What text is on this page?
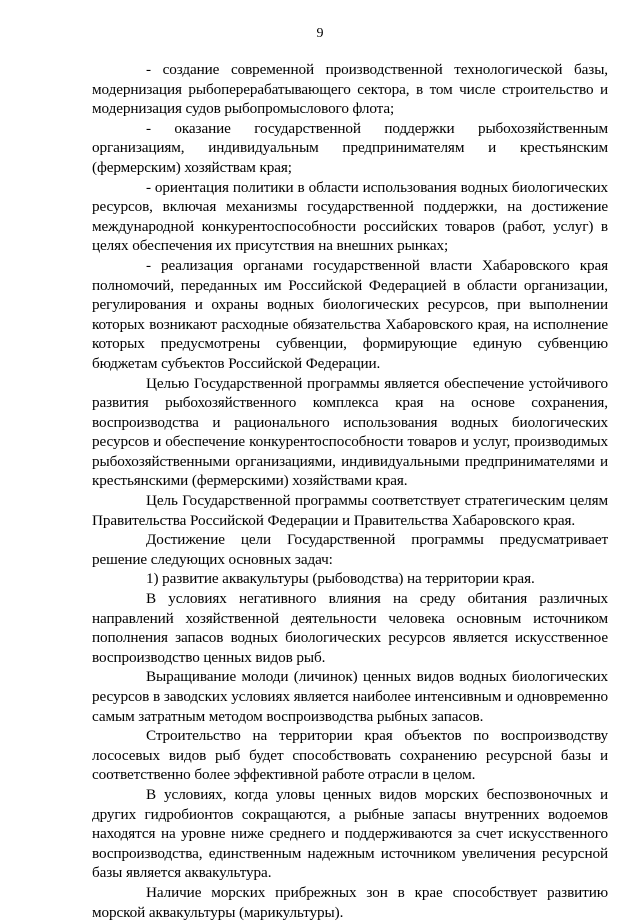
9

- создание современной производственной технологической базы, модернизация рыбоперерабатывающего сектора, в том числе строительство и модернизация судов рыбопромыслового флота;

- оказание государственной поддержки рыбохозяйственным организациям, индивидуальным предпринимателям и крестьянским (фермерским) хозяйствам края;

- ориентация политики в области использования водных биологических ресурсов, включая механизмы государственной поддержки, на достижение международной конкурентоспособности российских товаров (работ, услуг) в целях обеспечения их присутствия на внешних рынках;

- реализация органами государственной власти Хабаровского края полномочий, переданных им Российской Федерацией в области организации, регулирования и охраны водных биологических ресурсов, при выполнении которых возникают расходные обязательства Хабаровского края, на исполнение которых предусмотрены субвенции, формирующие единую субвенцию бюджетам субъектов Российской Федерации.

Целью Государственной программы является обеспечение устойчивого развития рыбохозяйственного комплекса края на основе сохранения, воспроизводства и рационального использования водных биологических ресурсов и обеспечение конкурентоспособности товаров и услуг, производимых рыбохозяйственными организациями, индивидуальными предпринимателями и крестьянскими (фермерскими) хозяйствами края.

Цель Государственной программы соответствует стратегическим целям Правительства Российской Федерации и Правительства Хабаровского края.

Достижение цели Государственной программы предусматривает решение следующих основных задач:

1) развитие аквакультуры (рыбоводства) на территории края.

В условиях негативного влияния на среду обитания различных направлений хозяйственной деятельности человека основным источником пополнения запасов водных биологических ресурсов является искусственное воспроизводство ценных видов рыб.

Выращивание молоди (личинок) ценных видов водных биологических ресурсов в заводских условиях является наиболее интенсивным и одновременно самым затратным методом воспроизводства рыбных запасов.

Строительство на территории края объектов по воспроизводству лососевых видов рыб будет способствовать сохранению ресурсной базы и соответственно более эффективной работе отрасли в целом.

В условиях, когда уловы ценных видов морских беспозвоночных и других гидробионтов сокращаются, а рыбные запасы внутренних водоемов находятся на уровне ниже среднего и поддерживаются за счет искусственного воспроизводства, единственным надежным источником увеличения ресурсной базы является аквакультура.

Наличие морских прибрежных зон в крае способствует развитию морской аквакультуры (марикультуры).
